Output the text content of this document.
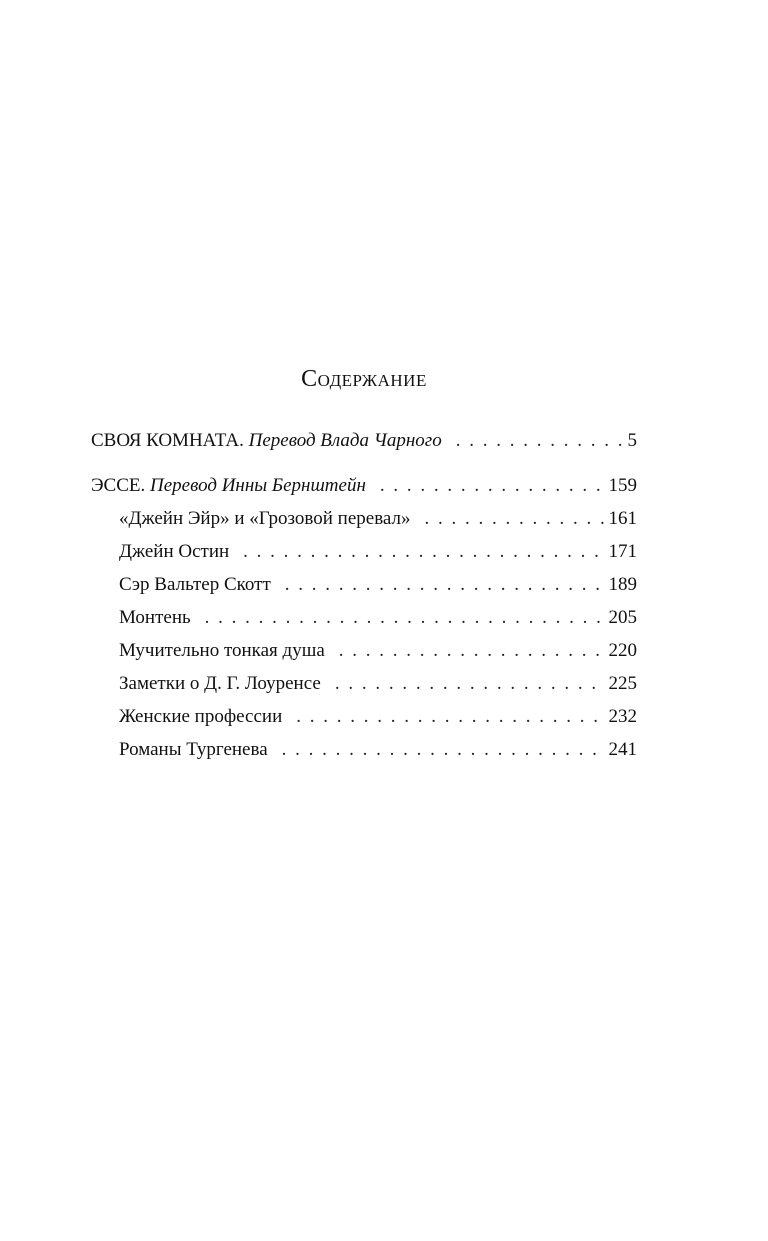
Содержание
СВОЯ КОМНАТА. Перевод Влада Чарного . . .	5
ЭССЕ. Перевод Инны Бернштейн . . .	159
«Джейн Эйр» и «Грозовой перевал» . . .	161
Джейн Остин . . .	171
Сэр Вальтер Скотт . . .	189
Монтень . . .	205
Мучительно тонкая душа . . .	220
Заметки о Д. Г. Лоуренсе . . .	225
Женские профессии . . .	232
Романы Тургенева . . .	241
